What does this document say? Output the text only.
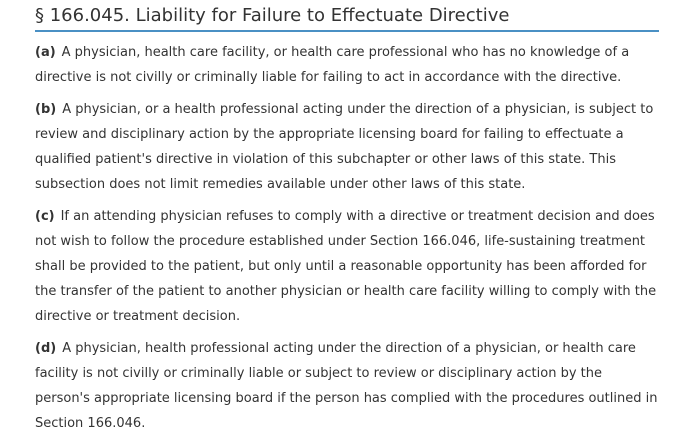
§ 166.045. Liability for Failure to Effectuate Directive

(a) A physician, health care facility, or health care professional who has no knowledge of a directive is not civilly or criminally liable for failing to act in accordance with the directive.

(b) A physician, or a health professional acting under the direction of a physician, is subject to review and disciplinary action by the appropriate licensing board for failing to effectuate a qualified patient's directive in violation of this subchapter or other laws of this state. This subsection does not limit remedies available under other laws of this state.

(c) If an attending physician refuses to comply with a directive or treatment decision and does not wish to follow the procedure established under Section 166.046, life-sustaining treatment shall be provided to the patient, but only until a reasonable opportunity has been afforded for the transfer of the patient to another physician or health care facility willing to comply with the directive or treatment decision.

(d) A physician, health professional acting under the direction of a physician, or health care facility is not civilly or criminally liable or subject to review or disciplinary action by the person's appropriate licensing board if the person has complied with the procedures outlined in Section 166.046.
